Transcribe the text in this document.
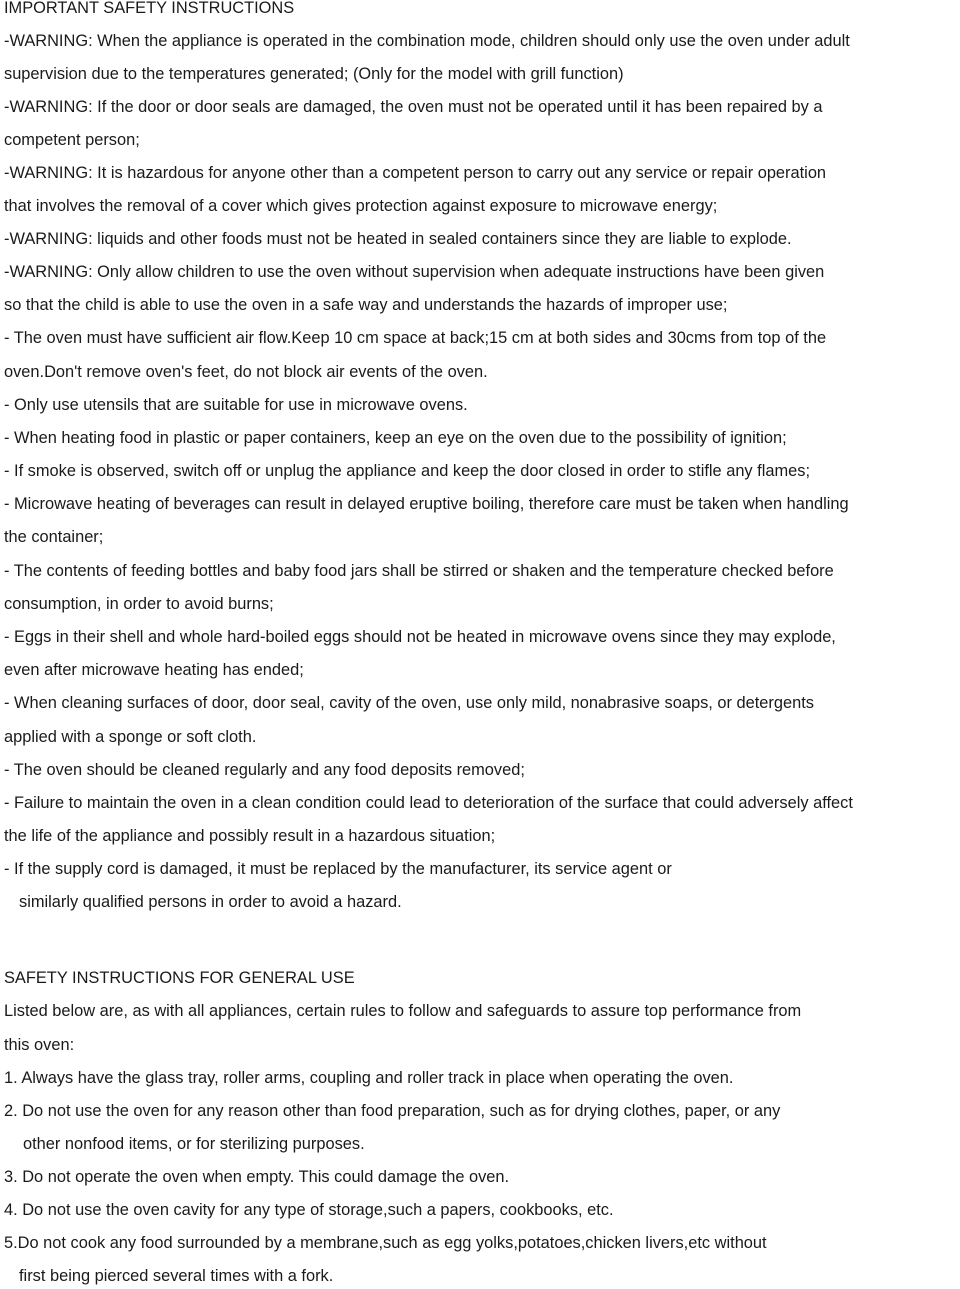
IMPORTANT SAFETY INSTRUCTIONS
-WARNING: When the appliance is operated in the combination mode, children should only use the oven under adult
supervision due to the temperatures generated; (Only for the model with grill function)
-WARNING: If the door or door seals are damaged, the oven must not be operated until it has been repaired by a
competent person;
-WARNING: It is hazardous for anyone other than a competent person to carry out any service or repair operation
that involves the removal of a cover which gives protection against exposure to microwave energy;
-WARNING: liquids and other foods must not be heated in sealed containers since they are liable to explode.
-WARNING: Only allow children to use the oven without supervision when adequate instructions have been given
so that the child is able to use the oven in a safe way and understands the hazards of improper use;
- The oven must have sufficient air flow.Keep 10 cm space at back;15 cm at both sides and 30cms from top of the
oven.Don't remove oven's feet, do not block air events of the oven.
- Only use utensils that are suitable for use in microwave ovens.
- When heating food in plastic or paper containers, keep an eye on the oven due to the possibility of ignition;
- If smoke is observed, switch off or unplug the appliance and keep the door closed in order to stifle any flames;
- Microwave heating of beverages can result in delayed eruptive boiling, therefore care must be taken when handling
the container;
- The contents of feeding bottles and baby food jars shall be stirred or shaken and the temperature checked before
consumption, in order to avoid burns;
- Eggs in their shell and whole hard-boiled eggs should not be heated in microwave ovens since they may explode,
even after microwave heating has ended;
- When cleaning surfaces of door, door seal, cavity of the oven, use only mild, nonabrasive soaps, or detergents
applied with a sponge or soft cloth.
- The oven should be cleaned regularly and any food deposits removed;
- Failure to maintain the oven in a clean condition could lead to deterioration of the surface that could adversely affect
the life of the appliance and possibly result in a hazardous situation;
- If the supply cord is damaged, it must be replaced by the manufacturer, its service agent or
similarly qualified persons in order to avoid a hazard.
SAFETY INSTRUCTIONS FOR GENERAL USE
Listed below are, as with all appliances, certain rules to follow and safeguards to assure top performance from
this oven:
1. Always have the glass tray, roller arms, coupling and roller track in place when operating the oven.
2. Do not use the oven for any reason other than food preparation, such as for drying clothes, paper, or any
other nonfood items, or for sterilizing purposes.
3. Do not operate the oven when empty. This could damage the oven.
4. Do not use the oven cavity for any type of storage,such a papers, cookbooks, etc.
5.Do not cook any food surrounded by a membrane,such as egg yolks,potatoes,chicken livers,etc without
first being pierced several times with a fork.
